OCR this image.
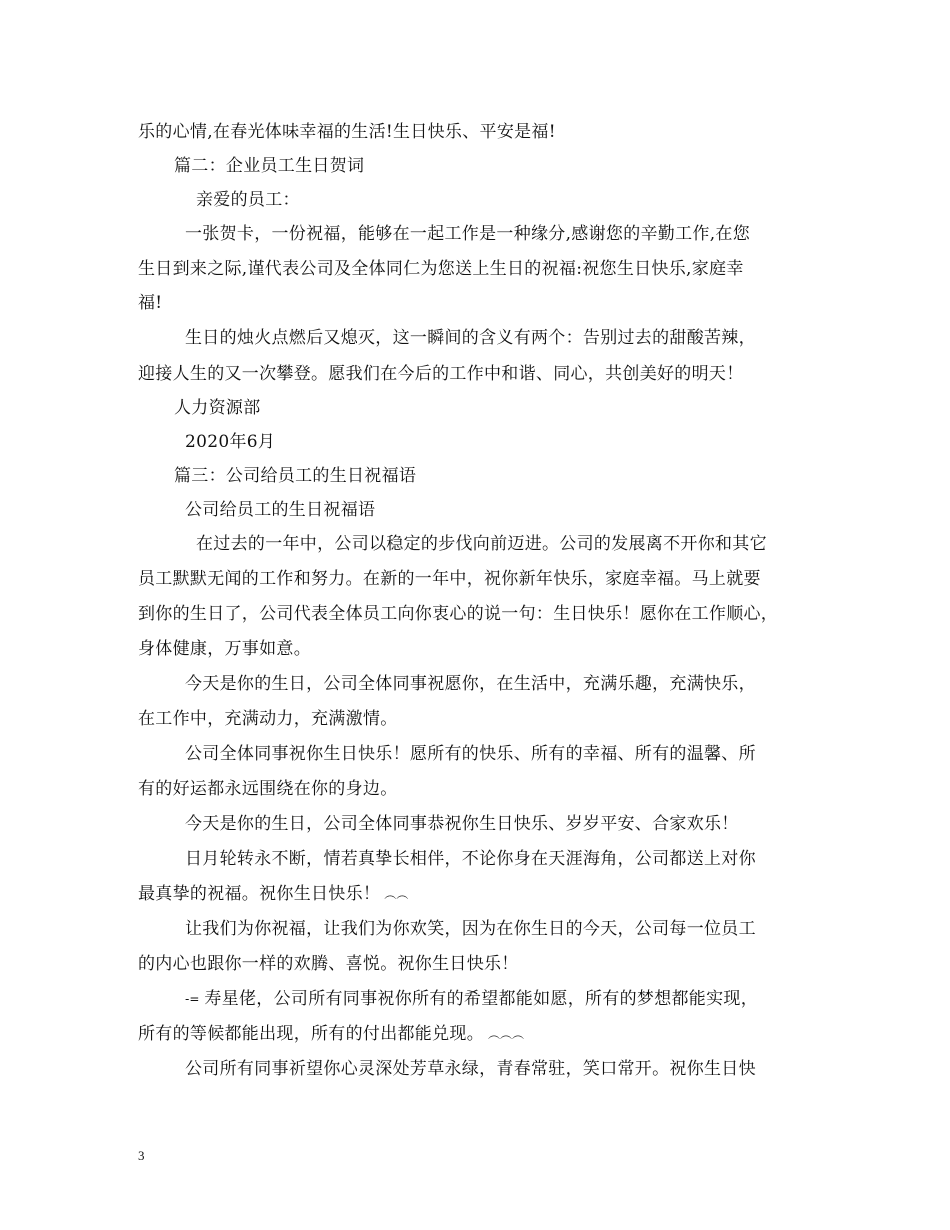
乐的心情,在春光体味幸福的生活!生日快乐、平安是福!
篇二：企业员工生日贺词
亲爱的员工：
一张贺卡，一份祝福，能够在一起工作是一种缘分,感谢您的辛勤工作,在您
生日到来之际,谨代表公司及全体同仁为您送上生日的祝福:祝您生日快乐,家庭幸
福!
生日的烛火点燃后又熄灭，这一瞬间的含义有两个：告别过去的甜酸苦辣，
迎接人生的又一次攀登。愿我们在今后的工作中和谐、同心，共创美好的明天！
人力资源部
2020年6月
篇三：公司给员工的生日祝福语
公司给员工的生日祝福语
在过去的一年中，公司以稳定的步伐向前迈进。公司的发展离不开你和其它
员工默默无闻的工作和努力。在新的一年中，祝你新年快乐，家庭幸福。马上就要
到你的生日了，公司代表全体员工向你衷心的说一句：生日快乐！愿你在工作顺心，
身体健康，万事如意。
今天是你的生日，公司全体同事祝愿你，在生活中，充满乐趣，充满快乐，
在工作中，充满动力，充满激情。
公司全体同事祝你生日快乐！愿所有的快乐、所有的幸福、所有的温馨、所
有的好运都永远围绕在你的身边。
今天是你的生日，公司全体同事恭祝你生日快乐、岁岁平安、合家欢乐！
日月轮转永不断，情若真挚长相伴，不论你身在天涯海角，公司都送上对你
最真挚的祝福。祝你生日快乐！ ︵︵
让我们为你祝福，让我们为你欢笑，因为在你生日的今天，公司每一位员工
的内心也跟你一样的欢腾、喜悦。祝你生日快乐！
-= 寿星佬，公司所有同事祝你所有的希望都能如愿，所有的梦想都能实现，
所有的等候都能出现，所有的付出都能兑现。 ︵︵︵
公司所有同事祈望你心灵深处芳草永绿，青春常驻，笑口常开。祝你生日快
3
